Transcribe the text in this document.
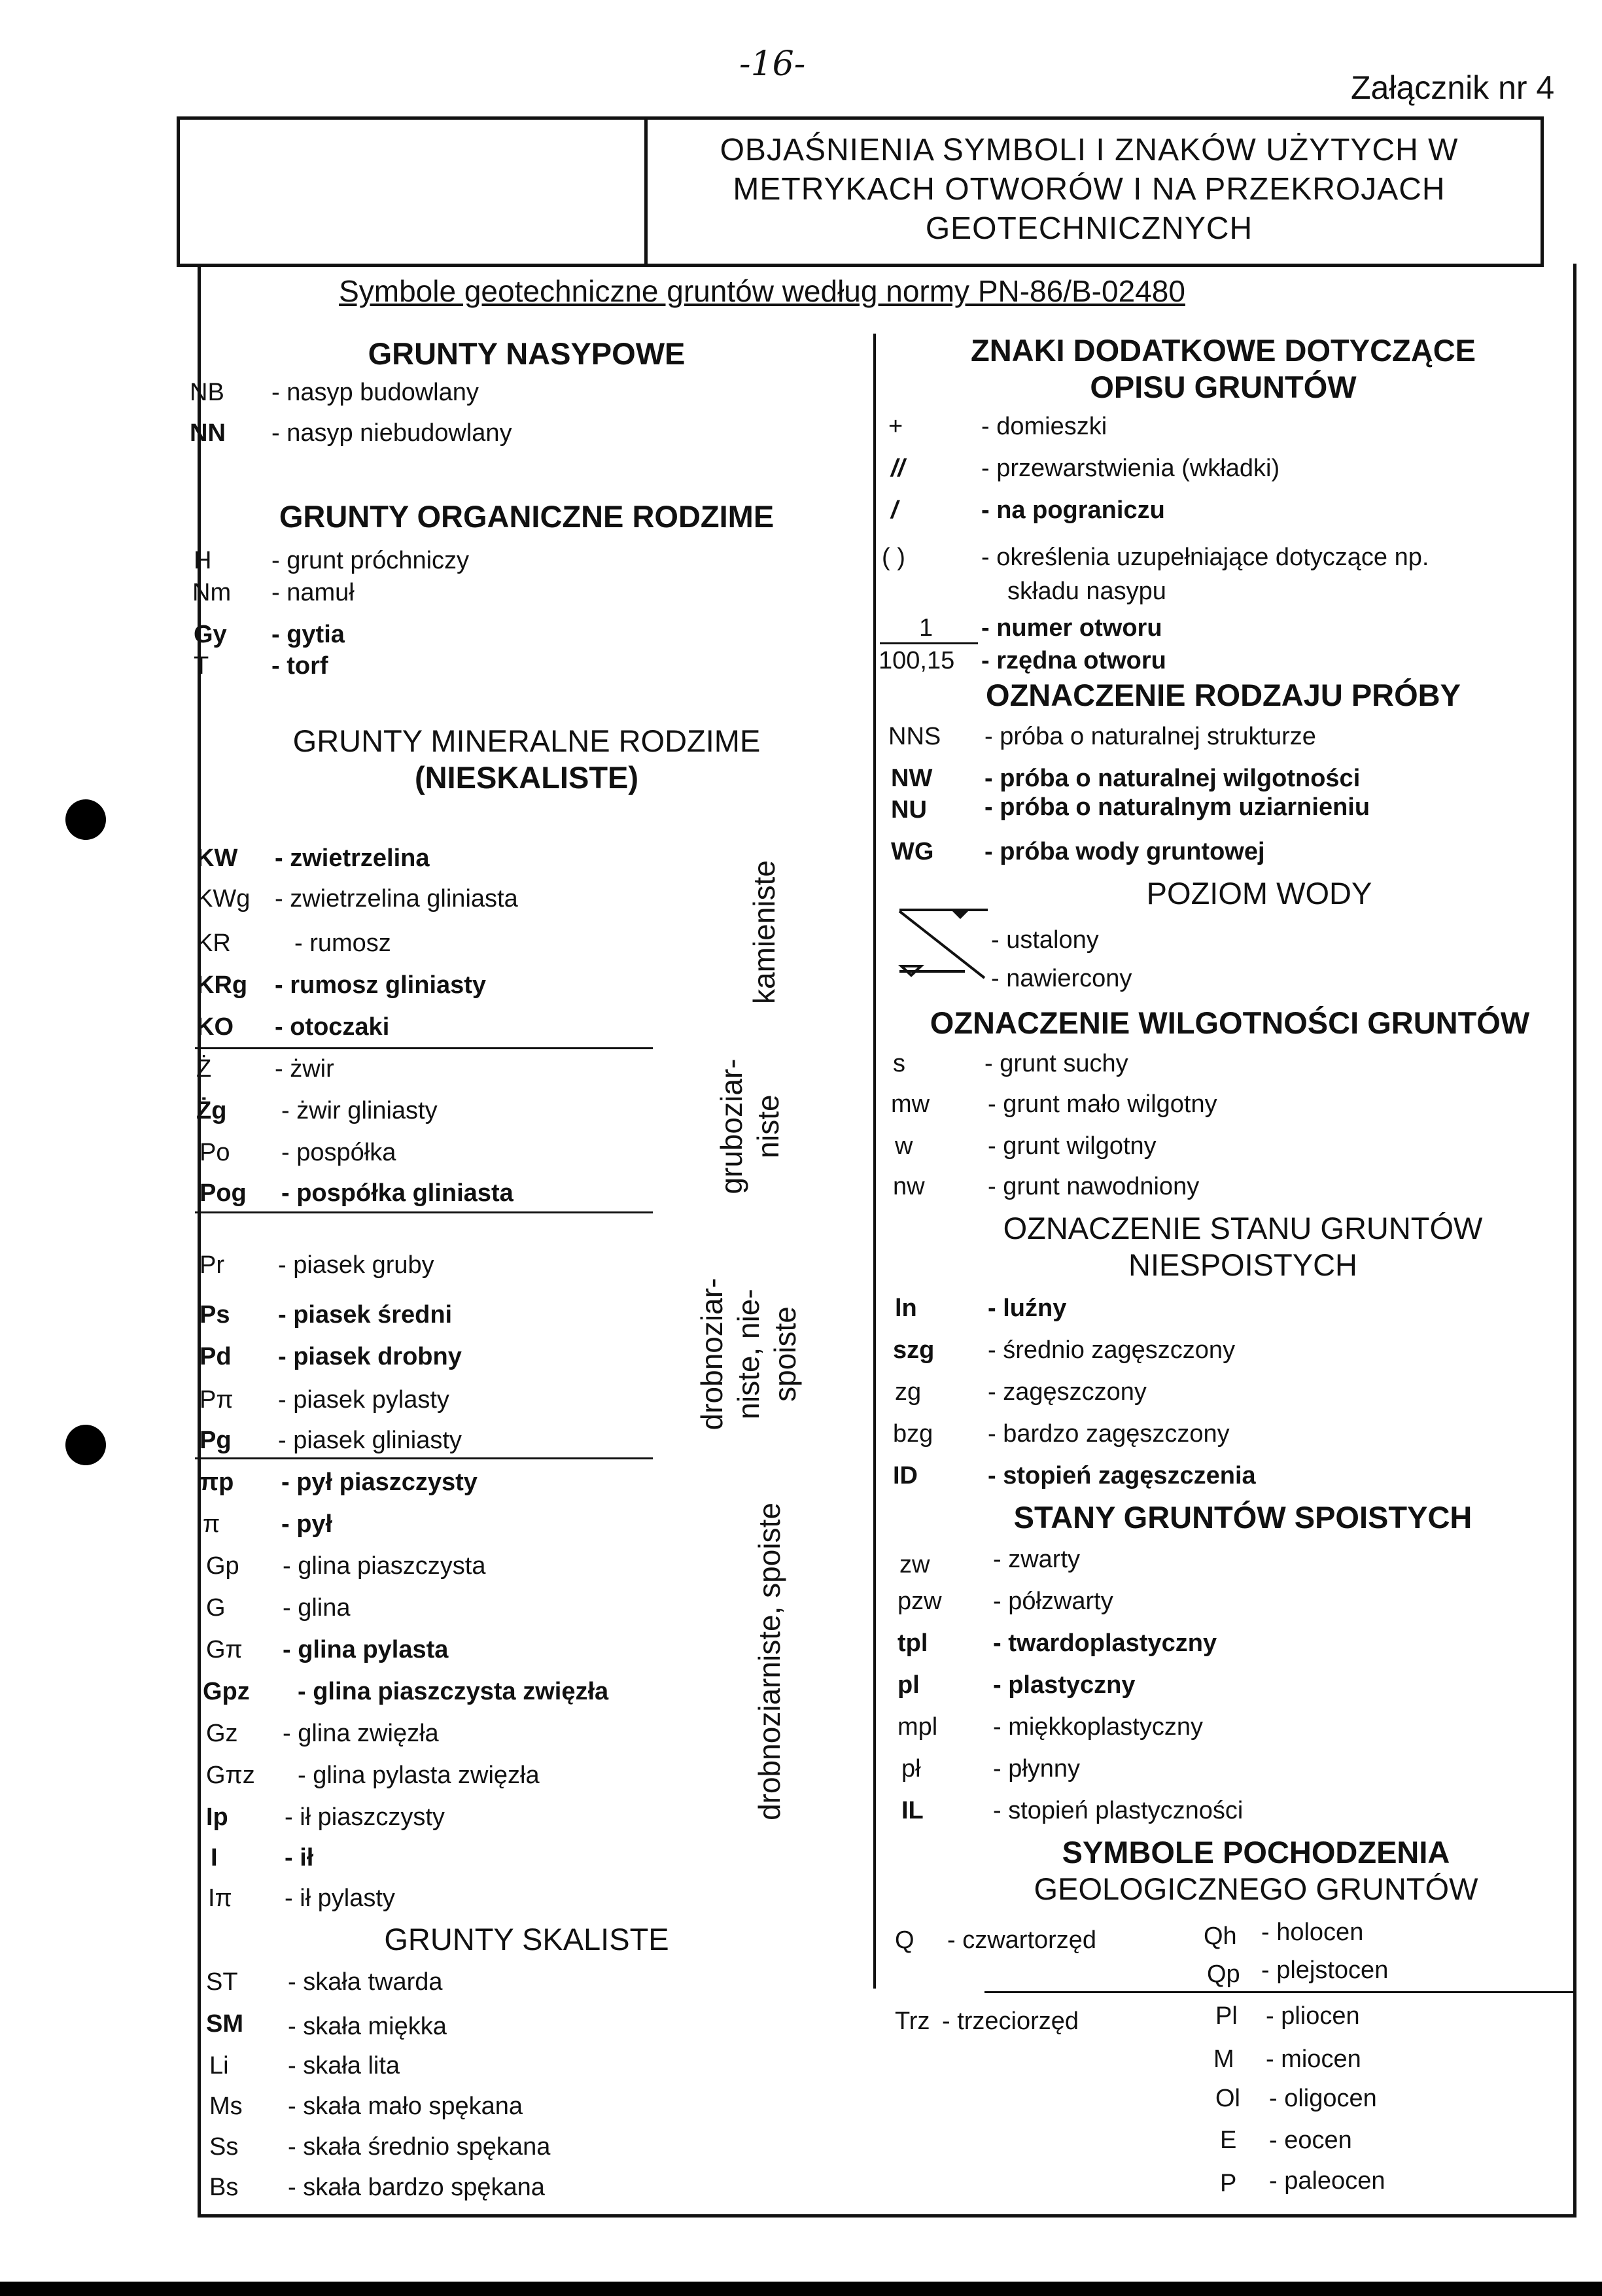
-16-
Załącznik nr 4
OBJAŚNIENIA SYMBOLI I ZNAKÓW UŻYTYCH W
METRYKACH OTWORÓW I NA PRZEKROJACH
GEOTECHNICZNYCH
Symbole geotechniczne gruntów według normy PN-86/B-02480
GRUNTY NASYPOWE
NB - nasyp budowlany
NN - nasyp niebudowlany
GRUNTY ORGANICZNE RODZIME
H - grunt próchniczy
Nm - namuł
Gy - gytia
T	- torf
GRUNTY MINERALNE RODZIME
(NIESKALISTE)
KW - zwietrzelina
KWg - zwietrzelina gliniasta
KR	- rumosz
KRg - rumosz gliniasty
KO - otoczaki
kamieniste
Ż	- żwir
Żg - żwir gliniasty
Po - pospółka
Pog - pospółka gliniasta	gruboziar- niste
Pr - piasek gruby
Ps - piasek średni
Pd - piasek drobny
Pπ - piasek pylasty
Pg - piasek gliniasty
drobnoziar- niste, nie- spoiste
πp - pył piaszczysty
π - pył
Gp - glina piaszczysta
G - glina
Gπ - glina pylasta
Gpz - glina piaszczysta zwięzła
Gz - glina zwięzła
Gπz - glina pylasta zwięzła
Ip - ił piaszczysty
I	- ił
Iπ - ił pylasty
drobnoziarniste, spoiste
GRUNTY SKALISTE
ST - skała twarda
SM - skała miękka
Li - skała lita
Ms - skała mało spękana
Ss - skała średnio spękana
Bs - skała bardzo spękana
ZNAKI DODATKOWE DOTYCZĄCE
OPISU GRUNTÓW
+	- domieszki
//	- przewarstwienia (wkładki)
/	- na pograniczu
( )	- określenia uzupełniające dotyczące np.
składu nasypu
1 - numer otworu
100,15 - rzędna otworu
OZNACZENIE RODZAJU PRÓBY
NNS - próba o naturalnej strukturze
NW - próba o naturalnej wilgotności
NU - próba o naturalnym uziarnieniu
WG - próba wody gruntowej
POZIOM WODY
- ustalony
- nawiercony
OZNACZENIE WILGOTNOŚCI GRUNTÓW
s	- grunt suchy
mw - grunt mało wilgotny
w	- grunt wilgotny
nw	- grunt nawodniony
OZNACZENIE STANU GRUNTÓW
NIESPOISTYCH
ln	- luźny
szg - średnio zagęszczony
zg	- zagęszczony
bzg - bardzo zagęszczony
ID	- stopień zagęszczenia
STANY GRUNTÓW SPOISTYCH
zw	- zwarty
pzw - półzwarty
tpl	- twardoplastyczny
pl	- plastyczny
mpl - miękkoplastyczny
pł	- płynny
IL	- stopień plastyczności
SYMBOLE POCHODZENIA
GEOLOGICZNEGO GRUNTÓW
Q - czwartorzęd	Qh - holocen
Qp - plejstocen
Trz - trzeciorzęd	Pl - pliocen
M - miocen
Ol - oligocen
E - eocen
P - paleocen
